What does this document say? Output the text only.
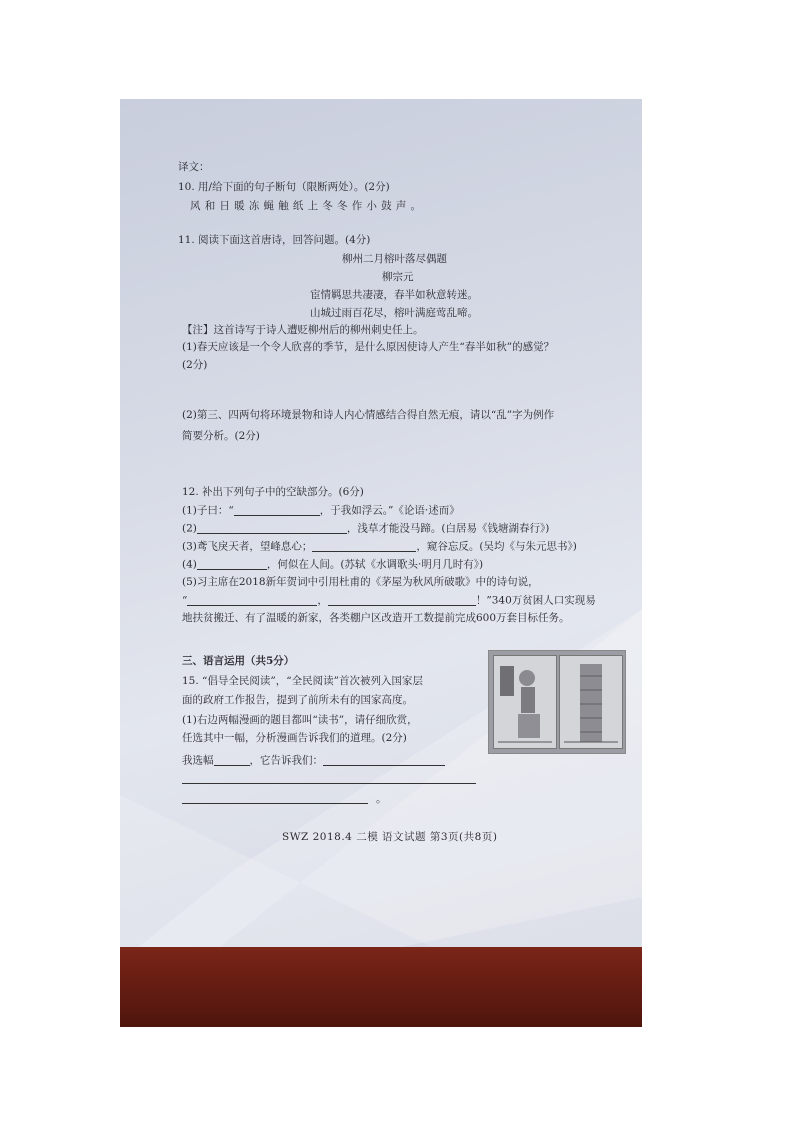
译文：
10. 用/给下面的句子断句（限断两处）。(2分)
风和日暖冻蝇触纸上冬冬作小鼓声。
11. 阅读下面这首唐诗，回答问题。(4分)
柳州二月榕叶落尽偶题
柳宗元
宦情羁思共凄凄，春半如秋意转迷。
山城过雨百花尽，榕叶满庭莺乱啼。
【注】这首诗写于诗人遭贬柳州后的柳州刺史任上。
(1)春天应该是一个令人欣喜的季节，是什么原因使诗人产生“春半如秋”的感觉？
(2分)
(2)第三、四两句将环境景物和诗人内心情感结合得自然无痕，请以“乱”字为例作
简要分析。(2分)
12. 补出下列句子中的空缺部分。(6分)
(1)子曰：“	，于我如浮云。”《论语·述而》
(2)	，浅草才能没马蹄。(白居易《钱塘湖春行》)
(3)鸢飞戾天者，望峰息心；	，窥谷忘反。(吴均《与朱元思书》)
(4)	，何似在人间。(苏轼《水调歌头·明月几时有》)
(5)习主席在2018新年贺词中引用杜甫的《茅屋为秋风所破歌》中的诗句说，
“	，	！”340万贫困人口实现易
地扶贫搬迁、有了温暖的新家，各类棚户区改造开工数提前完成600万套目标任务。
三、语言运用（共5分）
15. “倡导全民阅读”，“全民阅读”首次被列入国家层
面的政府工作报告，提到了前所未有的国家高度。
(1)右边两幅漫画的题目都叫“读书”，请仔细欣赏，
任选其中一幅，分析漫画告诉我们的道理。(2分)
我选幅	，它告诉我们：
。
SWZ 2018.4 二模 语文试题 第3页(共8页)
